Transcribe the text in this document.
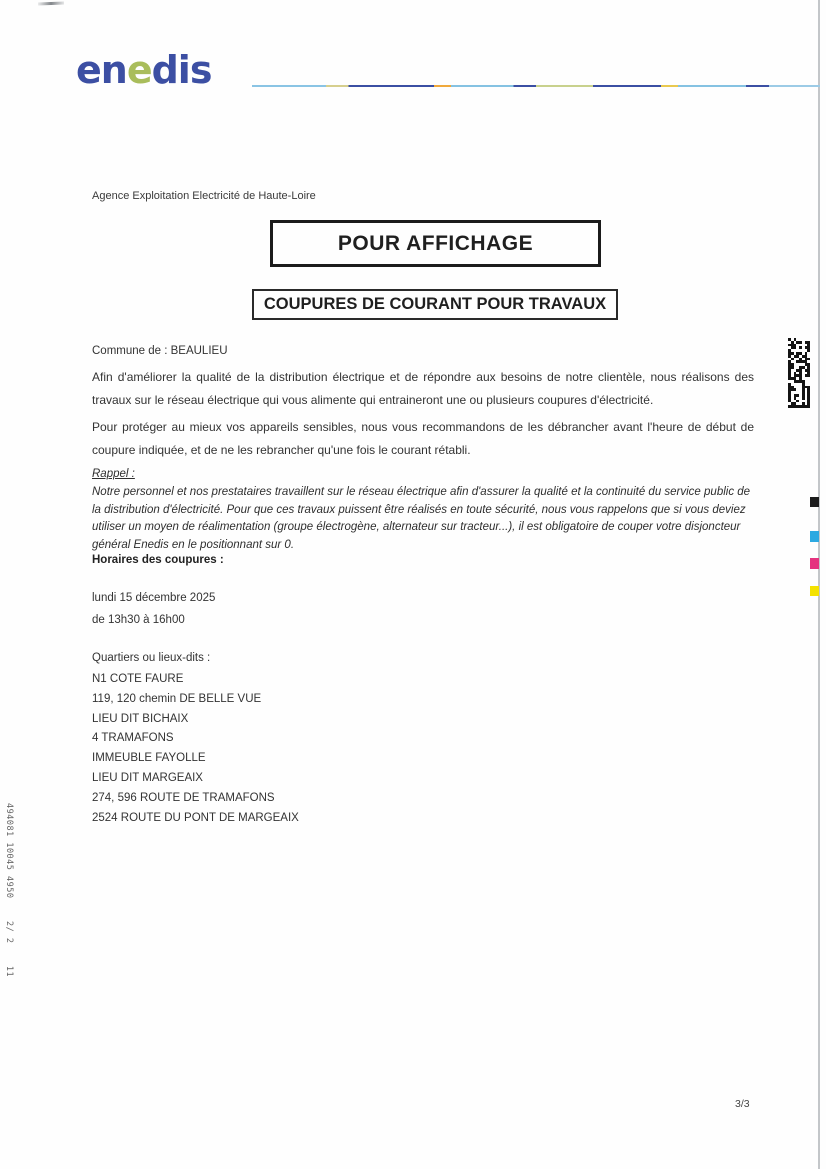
enedis
Agence Exploitation Electricité de Haute-Loire
POUR AFFICHAGE
COUPURES DE COURANT POUR TRAVAUX
Commune de : BEAULIEU
Afin d'améliorer la qualité de la distribution électrique et de répondre aux besoins de notre clientèle, nous réalisons des travaux sur le réseau électrique qui vous alimente qui entraineront une ou plusieurs coupures d'électricité.
Pour protéger au mieux vos appareils sensibles, nous vous recommandons de les débrancher avant l'heure de début de coupure indiquée, et de ne les rebrancher qu'une fois le courant rétabli.
Rappel :
Notre personnel et nos prestataires travaillent sur le réseau électrique afin d'assurer la qualité et la continuité du service public de la distribution d'électricité. Pour que ces travaux puissent être réalisés en toute sécurité, nous vous rappelons que si vous deviez utiliser un moyen de réalimentation (groupe électrogène, alternateur sur tracteur...), il est obligatoire de couper votre disjoncteur général Enedis en le positionnant sur 0.
Horaires des coupures :
lundi 15 décembre 2025
de 13h30 à 16h00
Quartiers ou lieux-dits :
N1 COTE FAURE
119, 120 chemin DE BELLE VUE
LIEU DIT BICHAIX
4 TRAMAFONS
IMMEUBLE FAYOLLE
LIEU DIT MARGEAIX
274, 596 ROUTE DE TRAMAFONS
2524 ROUTE DU PONT DE MARGEAIX
494081 10045 4950    2/ 2    11
3/3
